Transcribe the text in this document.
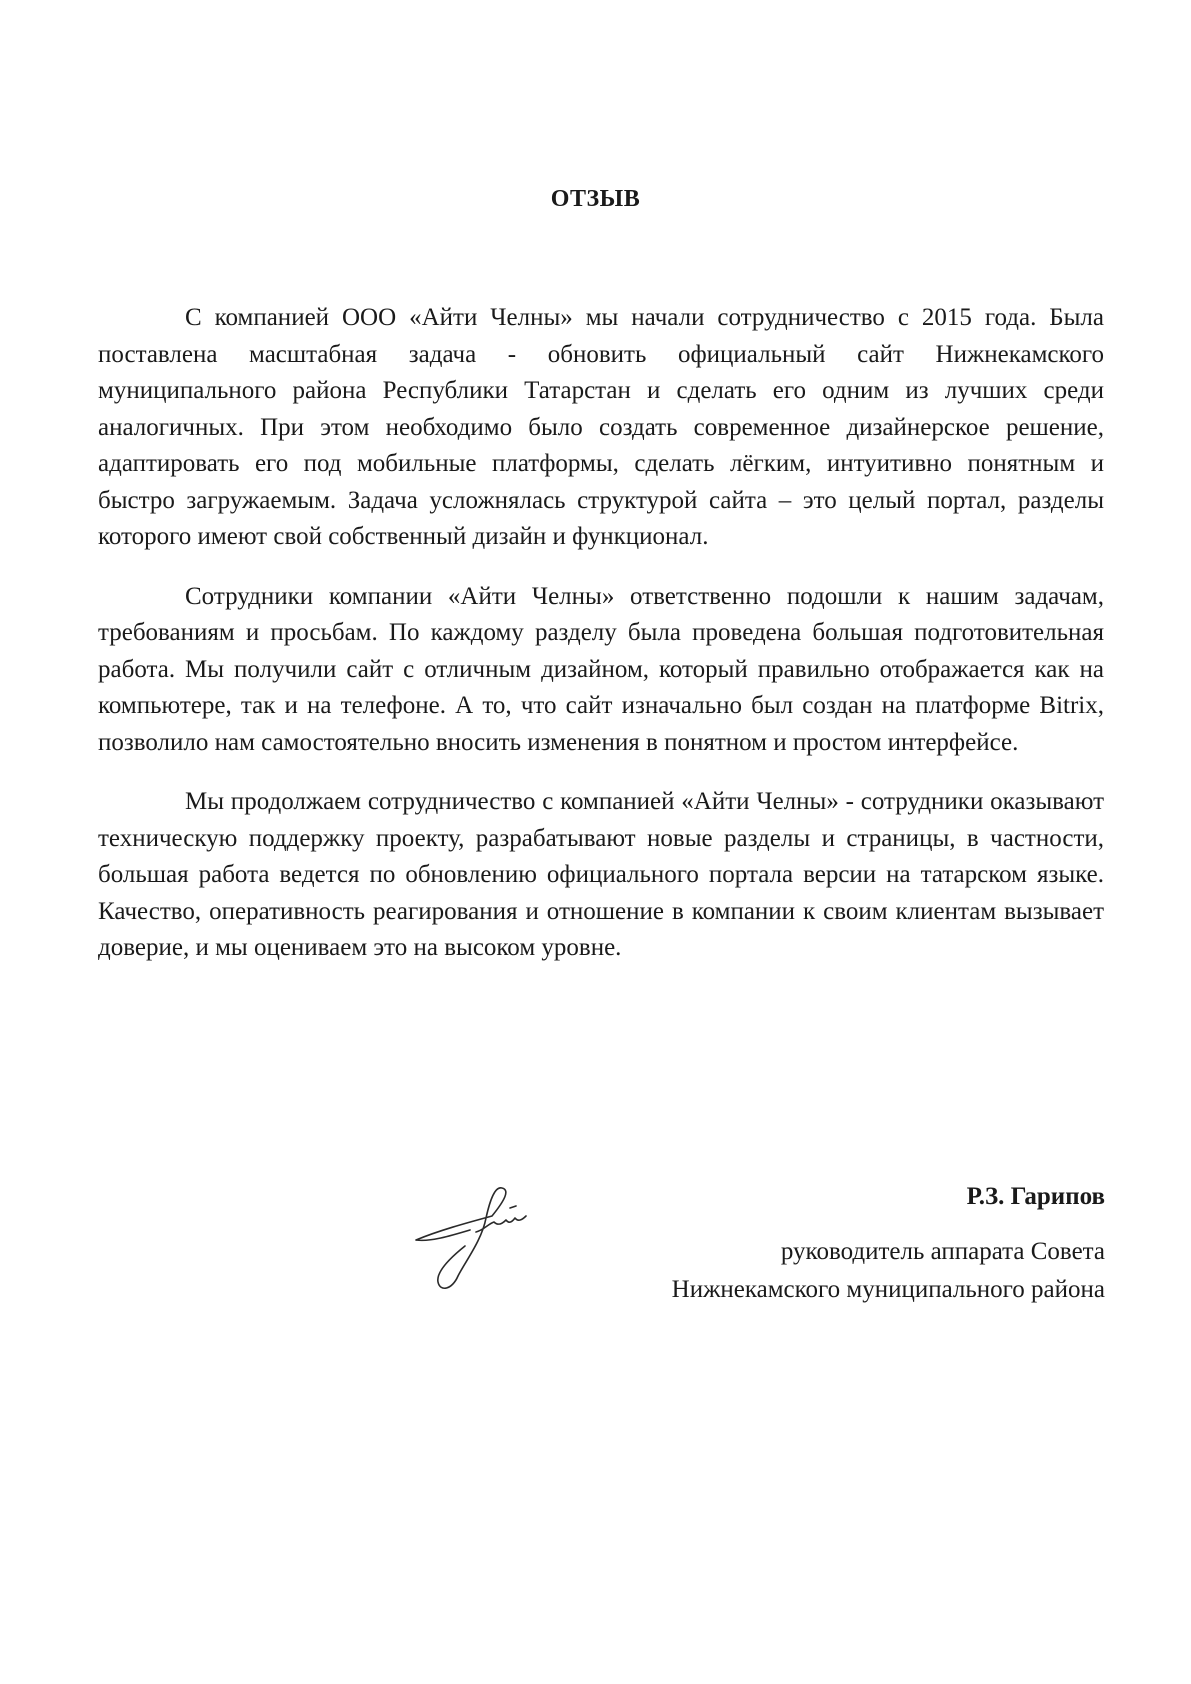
ОТЗЫВ

С компанией ООО «Айти Челны» мы начали сотрудничество с 2015 года. Была поставлена масштабная задача - обновить официальный сайт Нижнекамского муниципального района Республики Татарстан и сделать его одним из лучших среди аналогичных. При этом необходимо было создать современное дизайнерское решение, адаптировать его под мобильные платформы, сделать лёгким, интуитивно понятным и быстро загружаемым. Задача усложнялась структурой сайта – это целый портал, разделы которого имеют свой собственный дизайн и функционал.

Сотрудники компании «Айти Челны» ответственно подошли к нашим задачам, требованиям и просьбам. По каждому разделу была проведена большая подготовительная работа. Мы получили сайт с отличным дизайном, который правильно отображается как на компьютере, так и на телефоне. А то, что сайт изначально был создан на платформе Bitrix, позволило нам самостоятельно вносить изменения в понятном и простом интерфейсе.

Мы продолжаем сотрудничество с компанией «Айти Челны» - сотрудники оказывают техническую поддержку проекту, разрабатывают новые разделы и страницы, в частности, большая работа ведется по обновлению официального портала версии на татарском языке. Качество, оперативность реагирования и отношение в компании к своим клиентам вызывает доверие, и мы оцениваем это на высоком уровне.

Р.З. Гарипов
руководитель аппарата Совета
Нижнекамского муниципального района
